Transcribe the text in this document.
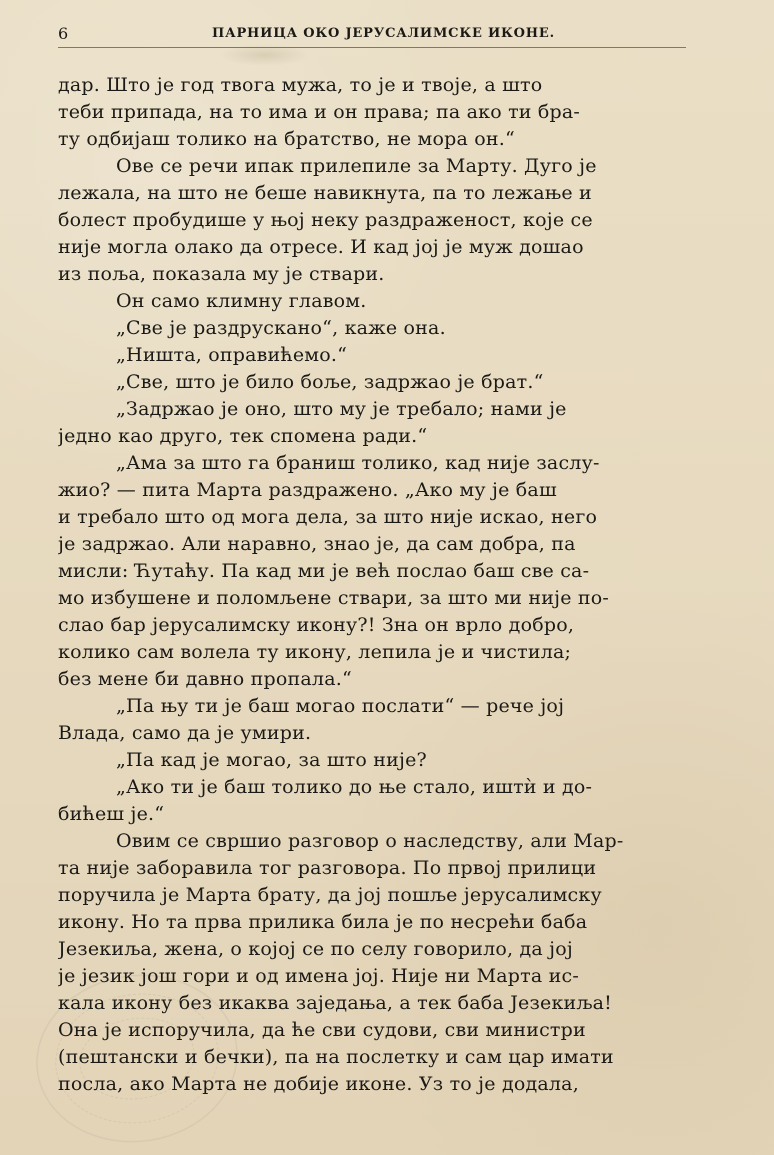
6	ПАРНИЦА ОКО ЈЕРУСАЛИМСКЕ ИКОНЕ.
дар. Што је год твога мужа, то је и твоје, а што
теби припада, на то има и он права; па ако ти бра-
ту одбијаш толико на братство, не мора он.“
Ове се речи ипак прилепиле за Марту. Дуго је
лежала, на што не беше навикнута, па то лежање и
болест пробудише у њој неку раздраженост, које се
није могла олако да отресе. И кад јој је муж дошао
из поља, показала му је ствари.
Он само климну главом.
„Све је раздрускано“, каже она.
„Ништа, оправићемо.“
„Све, што је било боље, задржао је брат.“
„Задржао је оно, што му је требало; нами је
једно као друго, тек спомена ради.“
„Ама за што га браниш толико, кад није заслу-
жио? — пита Марта раздражено. „Ако му је баш
и требало што од мога дела, за што није искао, него
је задржао. Али наравно, знао је, да сам добра, па
мисли: Ћутаћу. Па кад ми је већ послао баш све са-
мо избушене и поломљене ствари, за што ми није по-
слао бар јерусалимску икону?! Зна он врло добро,
колико сам волела ту икону, лепила је и чистила;
без мене би давно пропала.“
„Па њу ти је баш могао послати“ — рече јој
Влада, само да је умири.
„Па кад је могао, за што није?
„Ако ти је баш толико до ње стало, иштѝ и до-
бићеш је.“
Овим се свршио разговор о наследству, али Мар-
та није заборавила тог разговора. По првој прилици
поручила је Марта брату, да јој пошље јерусалимску
икону. Но та прва прилика била је по несрећи баба
Језекиља, жена, о којој се по селу говорило, да јој
је језик још гори и од имена јој. Није ни Марта ис-
кала икону без икаква заједања, а тек баба Језекиља!
Она је испоручила, да ће сви судови, сви министри
(пештански и бечки), па на послетку и сам цар имати
посла, ако Марта не добије иконе. Уз то је додала,
